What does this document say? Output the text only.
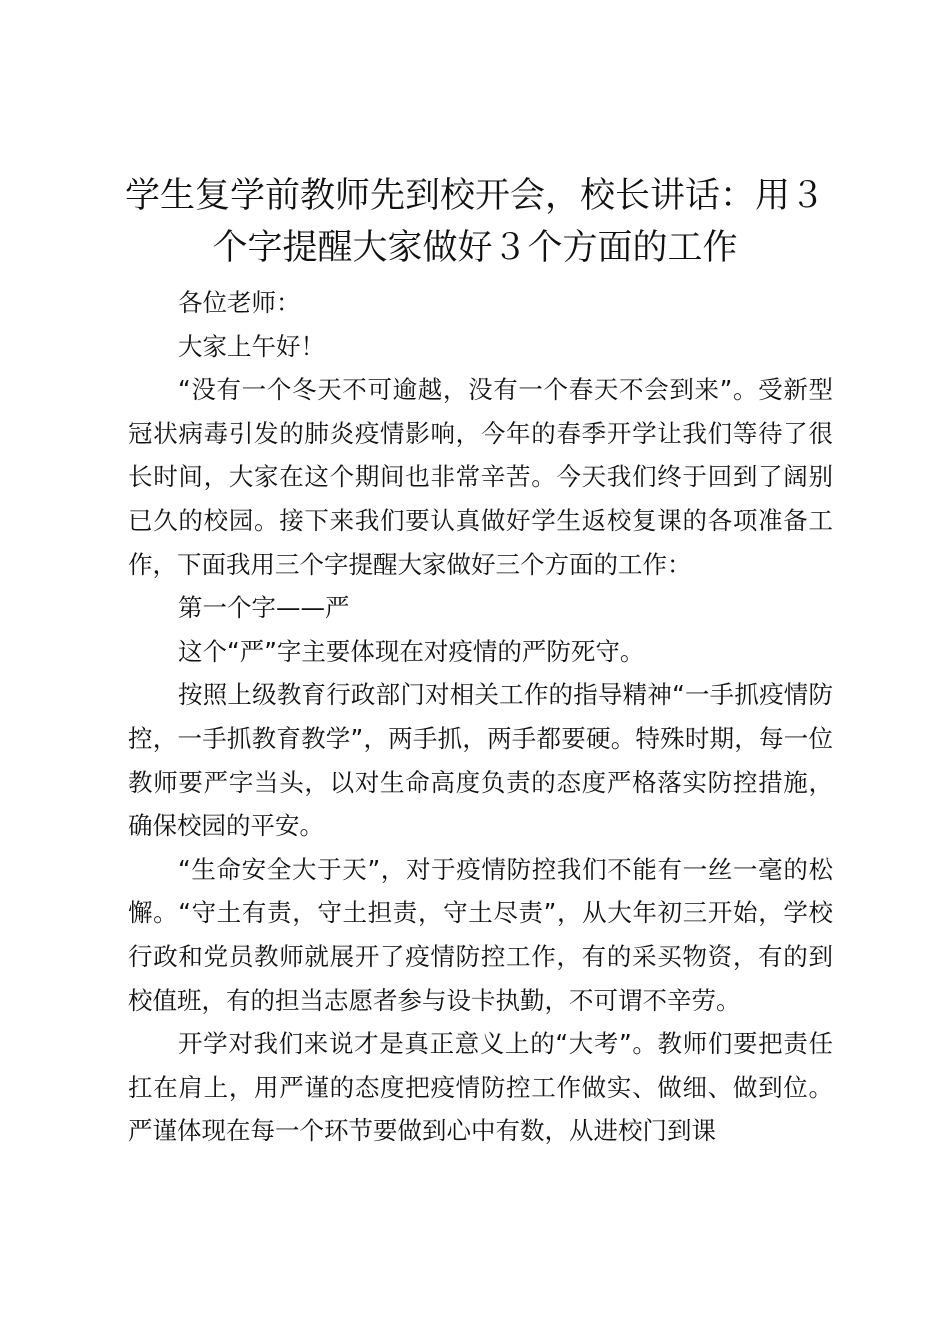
学生复学前教师先到校开会，校长讲话：用３个字提醒大家做好３个方面的工作

各位老师：

大家上午好！

“没有一个冬天不可逾越，没有一个春天不会到来”。受新型冠状病毒引发的肺炎疫情影响，今年的春季开学让我们等待了很长时间，大家在这个期间也非常辛苦。今天我们终于回到了阔别已久的校园。接下来我们要认真做好学生返校复课的各项准备工作，下面我用三个字提醒大家做好三个方面的工作：

第一个字——严

这个“严”字主要体现在对疫情的严防死守。

按照上级教育行政部门对相关工作的指导精神“一手抓疫情防控，一手抓教育教学”，两手抓，两手都要硬。特殊时期，每一位教师要严字当头，以对生命高度负责的态度严格落实防控措施，确保校园的平安。

“生命安全大于天”，对于疫情防控我们不能有一丝一毫的松懈。“守土有责，守土担责，守土尽责”，从大年初三开始，学校行政和党员教师就展开了疫情防控工作，有的采买物资，有的到校值班，有的担当志愿者参与设卡执勤，不可谓不辛劳。

开学对我们来说才是真正意义上的“大考”。教师们要把责任扛在肩上，用严谨的态度把疫情防控工作做实、做细、做到位。严谨体现在每一个环节要做到心中有数，从进校门到课
